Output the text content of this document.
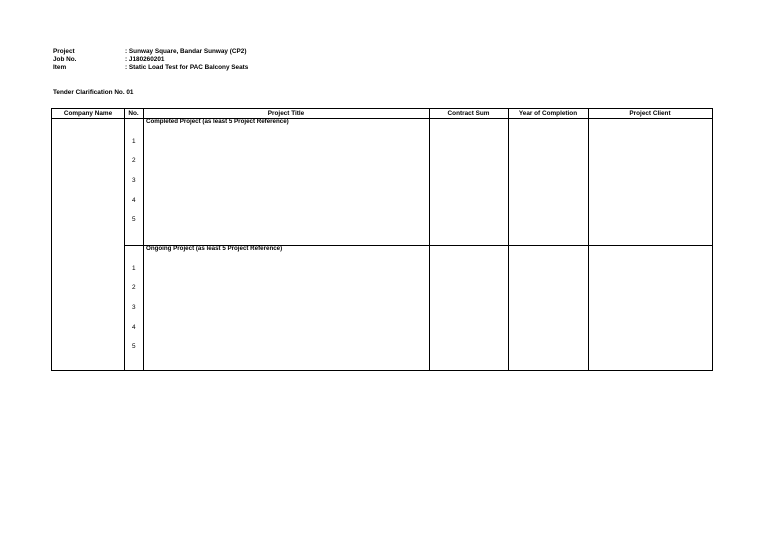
Project	: Sunway Square, Bandar Sunway (CP2)
Job No.	: J180260201
Item	: Static Load Test for PAC Balcony Seats
Tender Clarification No. 01
Company Name	No.	Project Title	Contract Sum	Year of Completion	Project Client
Completed Project (as least 5 Project Reference)
1
2
3
4
5
Ongoing Project (as least 5 Project Reference)
1
2
3
4
5
